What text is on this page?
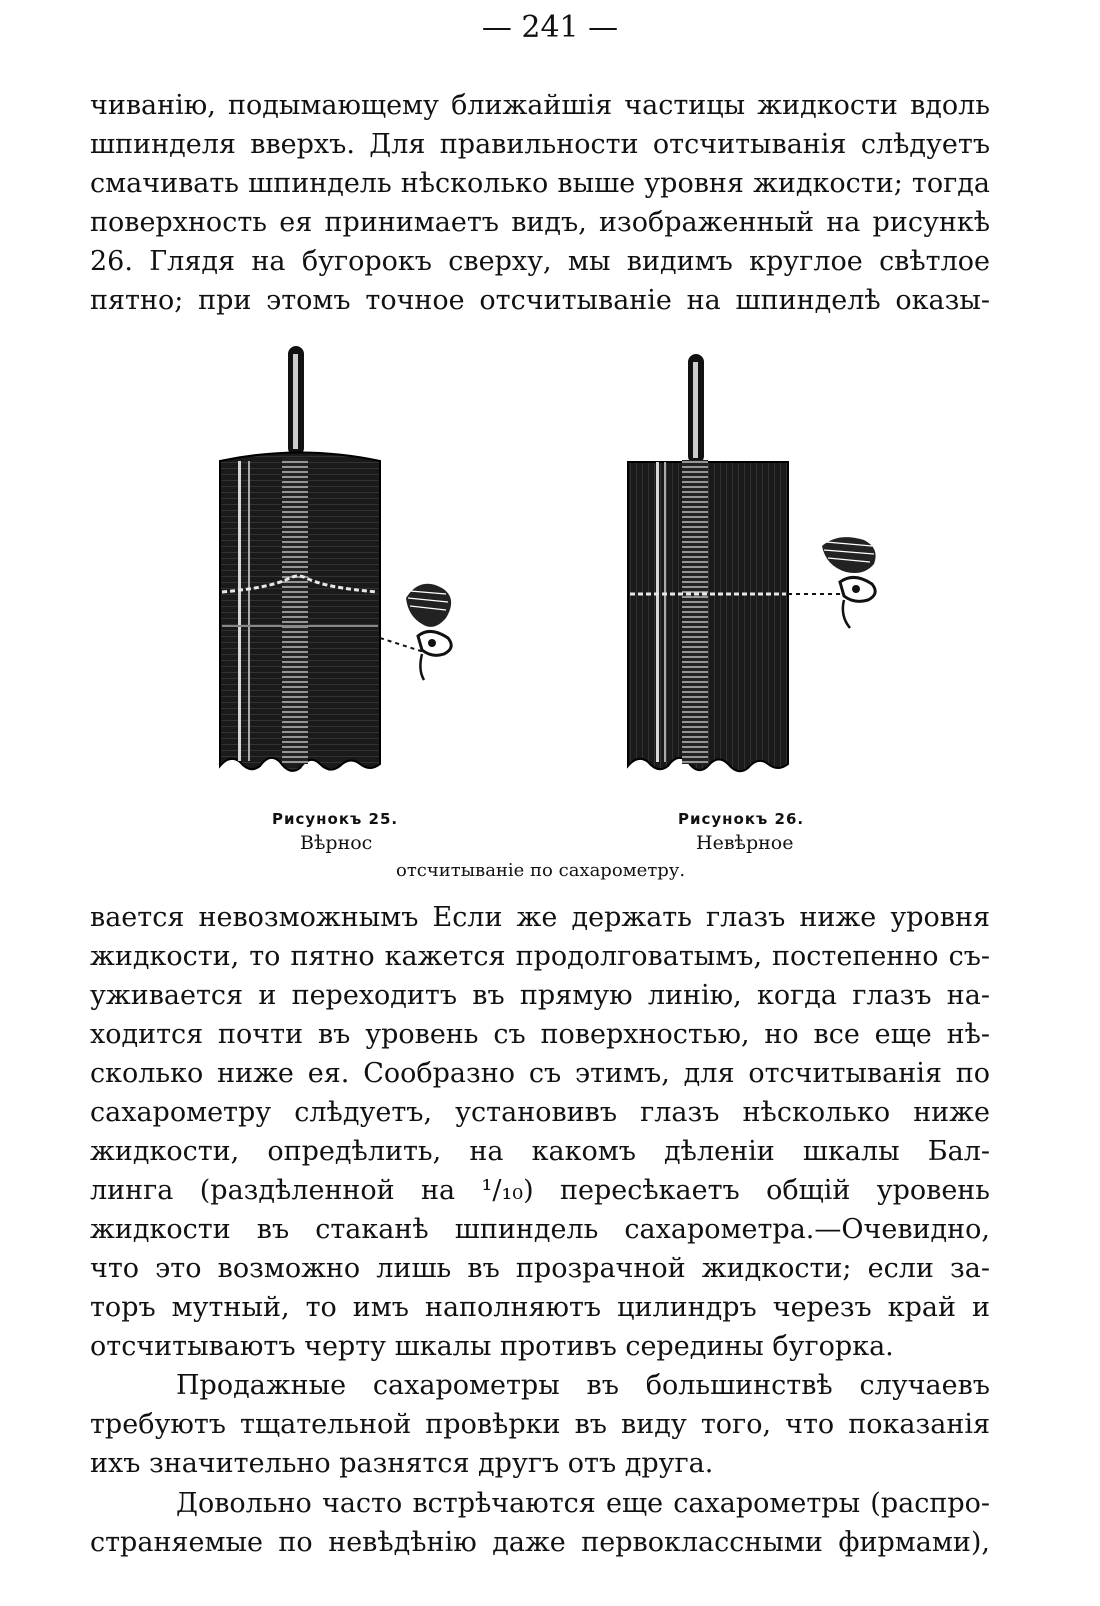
— 241 —
чиванію, подымающему ближайшія частицы жидкости вдоль
шпинделя вверхъ. Для правильности отсчитыванія слѣдуетъ
смачивать шпиндель нѣсколько выше уровня жидкости; тогда
поверхность ея принимаетъ видъ, изображенный на рисункѣ
26. Глядя на бугорокъ сверху, мы видимъ круглое свѣтлое
пятно; при этомъ точное отсчитываніе на шпинделѣ оказы-
Рисунокъ 25.	Рисунокъ 26.
Вѣрнос	Невѣрное
отсчитываніе по сахарометру.
вается невозможнымъ Если же держать глазъ ниже уровня
жидкости, то пятно кажется продолговатымъ, постепенно съ-
уживается и переходитъ въ прямую линію, когда глазъ на-
ходится почти въ уровень съ поверхностью, но все еще нѣ-
сколько ниже ея. Сообразно съ этимъ, для отсчитыванія по
сахарометру слѣдуетъ, установивъ глазъ нѣсколько ниже
жидкости, опредѣлить, на какомъ дѣленіи шкалы Бал-
линга (раздѣленной на ¹/₁₀) пересѣкаетъ общій уровень
жидкости въ стаканѣ шпиндель сахарометра.—Очевидно,
что это возможно лишь въ прозрачной жидкости; если за-
торъ мутный, то имъ наполняютъ цилиндръ черезъ край и
отсчитываютъ черту шкалы противъ середины бугорка.
Продажные сахарометры въ большинствѣ случаевъ
требуютъ тщательной провѣрки въ виду того, что показанія
ихъ значительно разнятся другъ отъ друга.
Довольно часто встрѣчаются еще сахарометры (распро-
страняемые по невѣдѣнію даже первоклассными фирмами),
